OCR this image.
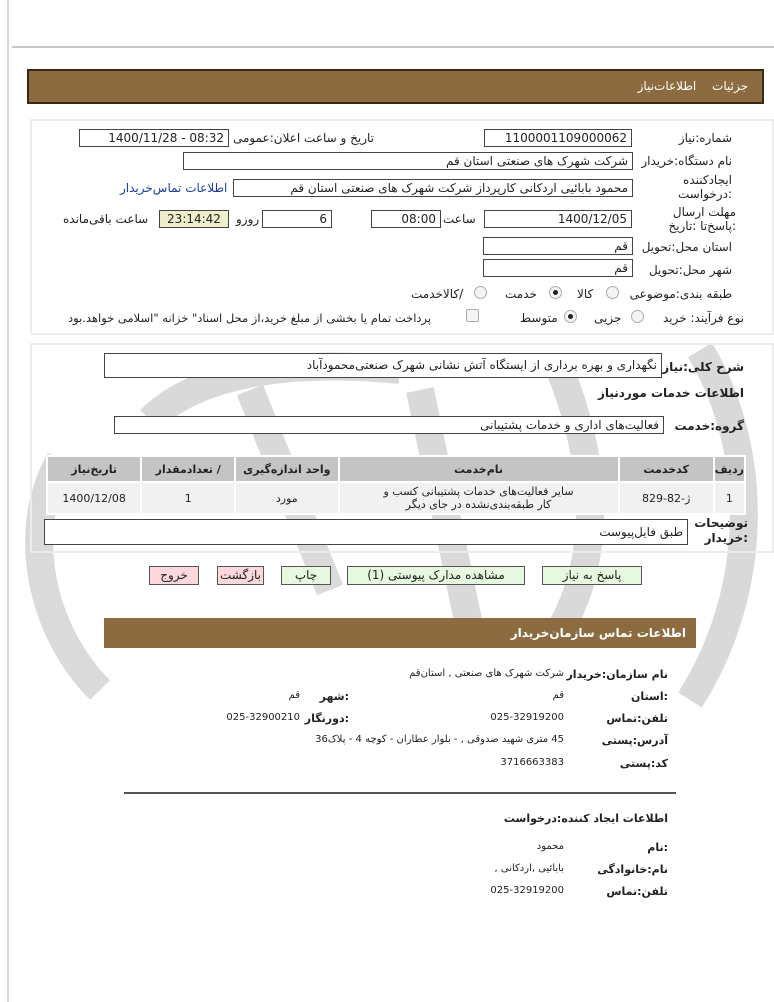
جزئیات اطلاعات‌نیاز
شماره:نیاز
1100001109000062
تاریخ و ساعت اعلان:عمومی
1400/11/28 - 08:32
نام دستگاه:خریدار
شرکت شهرک های صنعتی استان قم
ایجادکننده :درخواست
محمود بابائیی اردکانی کارپرداز شرکت شهرک های صنعتی استان قم
اطلاعات تماس‌خریدار
مهلت ارسال :پاسخ‌تا :تاریخ
1400/12/05
ساعت
08:00
6
روزو
23:14:42
ساعت باقی‌مانده
استان محل:تحویل
قم
شهر محل:تحویل
قم
طبقه بندی:موضوعی
کالا
خدمت
/کالاخدمت
نوع فرآیند: خرید
جزیی
متوسط
پرداخت تمام یا بخشی از مبلغ خرید،از محل اسناد" خزانه "اسلامی خواهد.بود
شرح کلی:نیاز
نگهداری و بهره برداری از ایستگاه آتش نشانی شهرک صنعتی‌محمودآباد
اطلاعات خدمات موردنیاز
گروه:خدمت
فعالیت‌های اداری و خدمات پشتیبانی
ردیف	کدخدمت	نام‌خدمت	واحد اندازه‌گیری	/ تعدادمقدار	تاریخ‌نیاز
1	ژ-82-829	سایر فعالیت‌های خدمات پشتیبانی کسب و کار طبقه‌بندی‌نشده در جای دیگر	مورد	1	1400/12/08
توضیحات :خریدار
طبق فایل‌پیوست
پاسخ به نیاز
مشاهده مدارک پیوستی (1)
چاپ
بازگشت
خروج
اطلاعات تماس سازمان‌خریدار
نام سازمان:خریدار
شرکت شهرک های صنعتی , استان‌قم
:استان
قم
:شهر
قم
تلفن:تماس
025-32919200
:دورنگار
025-32900210
آدرس:پستی
45 متری شهید صدوقی , - بلوار عطاران - کوچه 4 - پلاک36
کد:پستی
3716663383
اطلاعات ایجاد کننده:درخواست
:نام
محمود
نام:خانوادگی
بابائیی ,اردکانی ,
تلفن:تماس
025-32919200
